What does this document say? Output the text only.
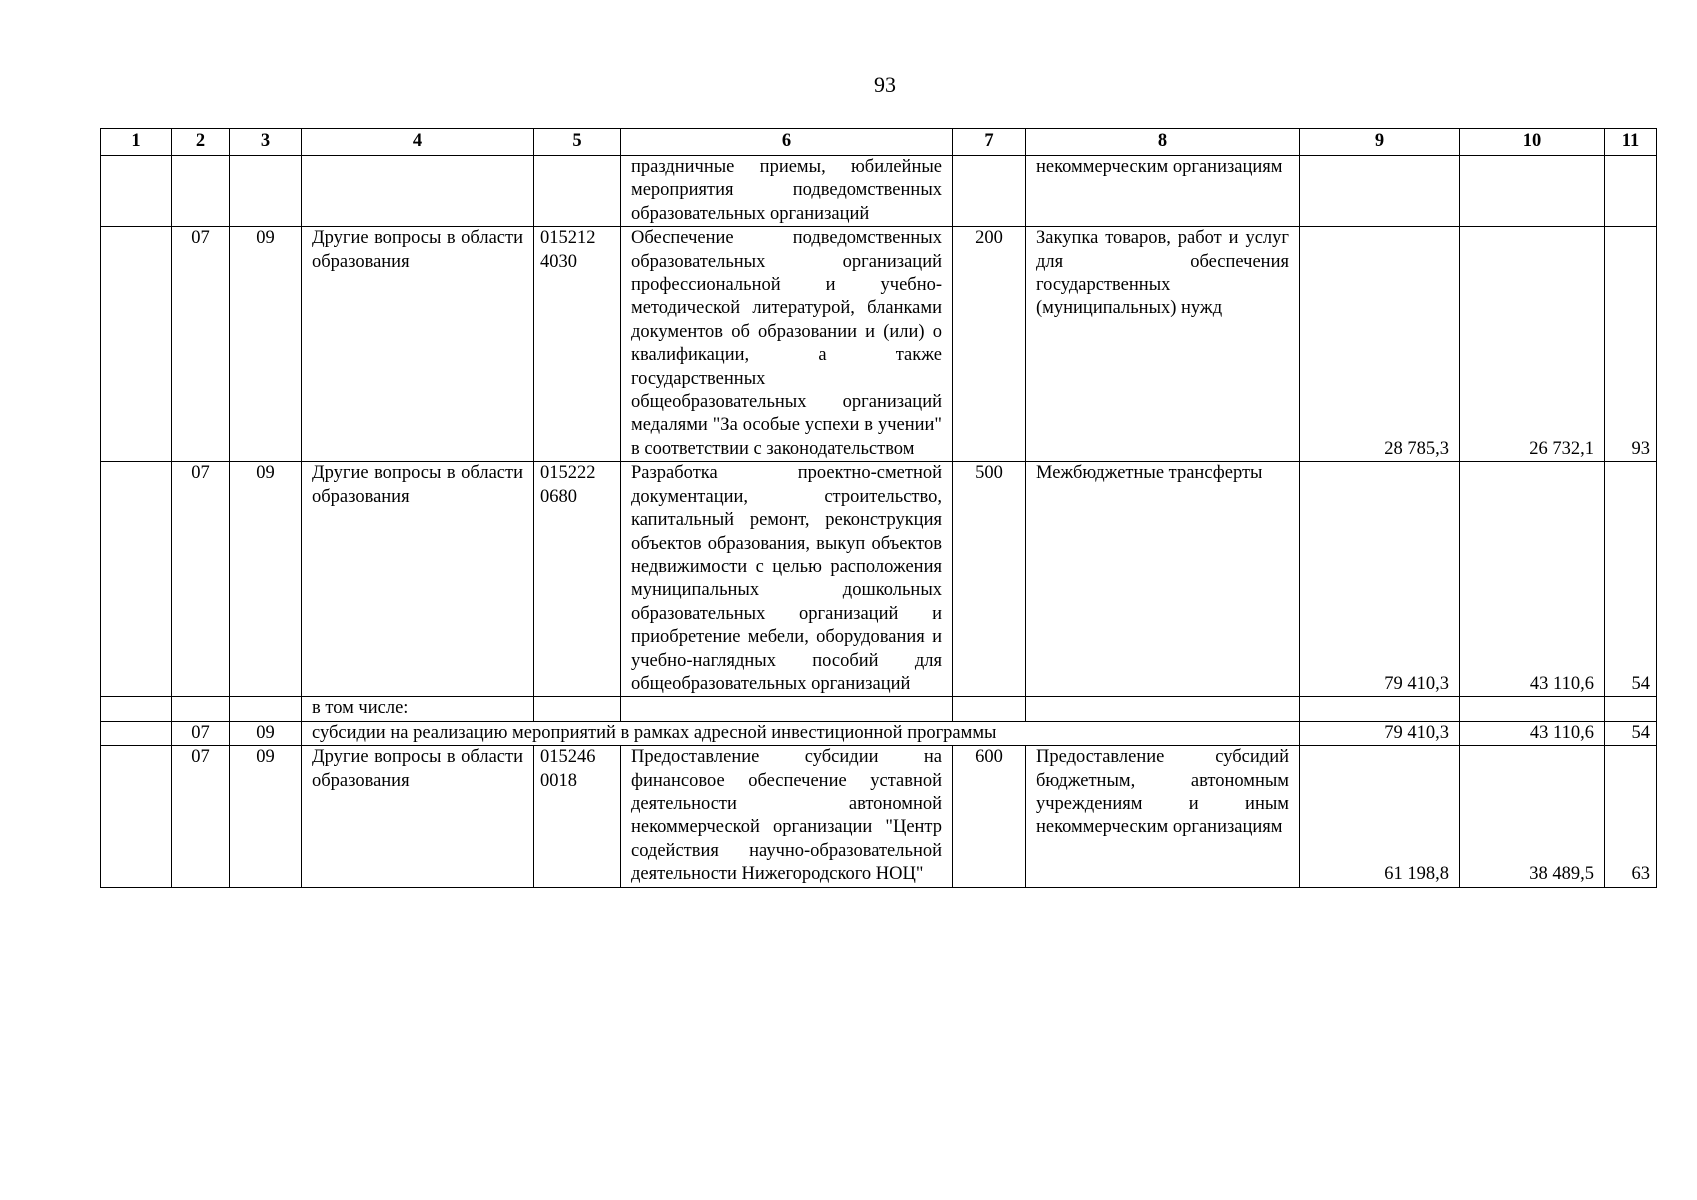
93
1	2	3	4	5	6	7	8	9	10	11
					праздничные приемы, юбилейные мероприятия подведомственных образовательных организаций		некоммерческим организациям			
	07	09	Другие вопросы в области образования	015212 4030	Обеспечение подведомственных образовательных организаций профессиональной и учебно-методической литературой, бланками документов об образовании и (или) о квалификации, а также государственных общеобразовательных организаций медалями "За особые успехи в учении" в соответствии с законодательством	200	Закупка товаров, работ и услуг для обеспечения государственных (муниципальных) нужд	28 785,3	26 732,1	93
	07	09	Другие вопросы в области образования	015222 0680	Разработка проектно-сметной документации, строительство, капитальный ремонт, реконструкция объектов образования, выкуп объектов недвижимости с целью расположения муниципальных дошкольных образовательных организаций и приобретение мебели, оборудования и учебно-наглядных пособий для общеобразовательных организаций	500	Межбюджетные трансферты	79 410,3	43 110,6	54
			в том числе:							
	07	09	субсидии на реализацию мероприятий в рамках адресной инвестиционной программы					79 410,3	43 110,6	54
	07	09	Другие вопросы в области образования	015246 0018	Предоставление субсидии на финансовое обеспечение уставной деятельности автономной некоммерческой организации "Центр содействия научно-образовательной деятельности Нижегородского НОЦ"	600	Предоставление субсидий бюджетным, автономным учреждениям и иным некоммерческим организациям	61 198,8	38 489,5	63
